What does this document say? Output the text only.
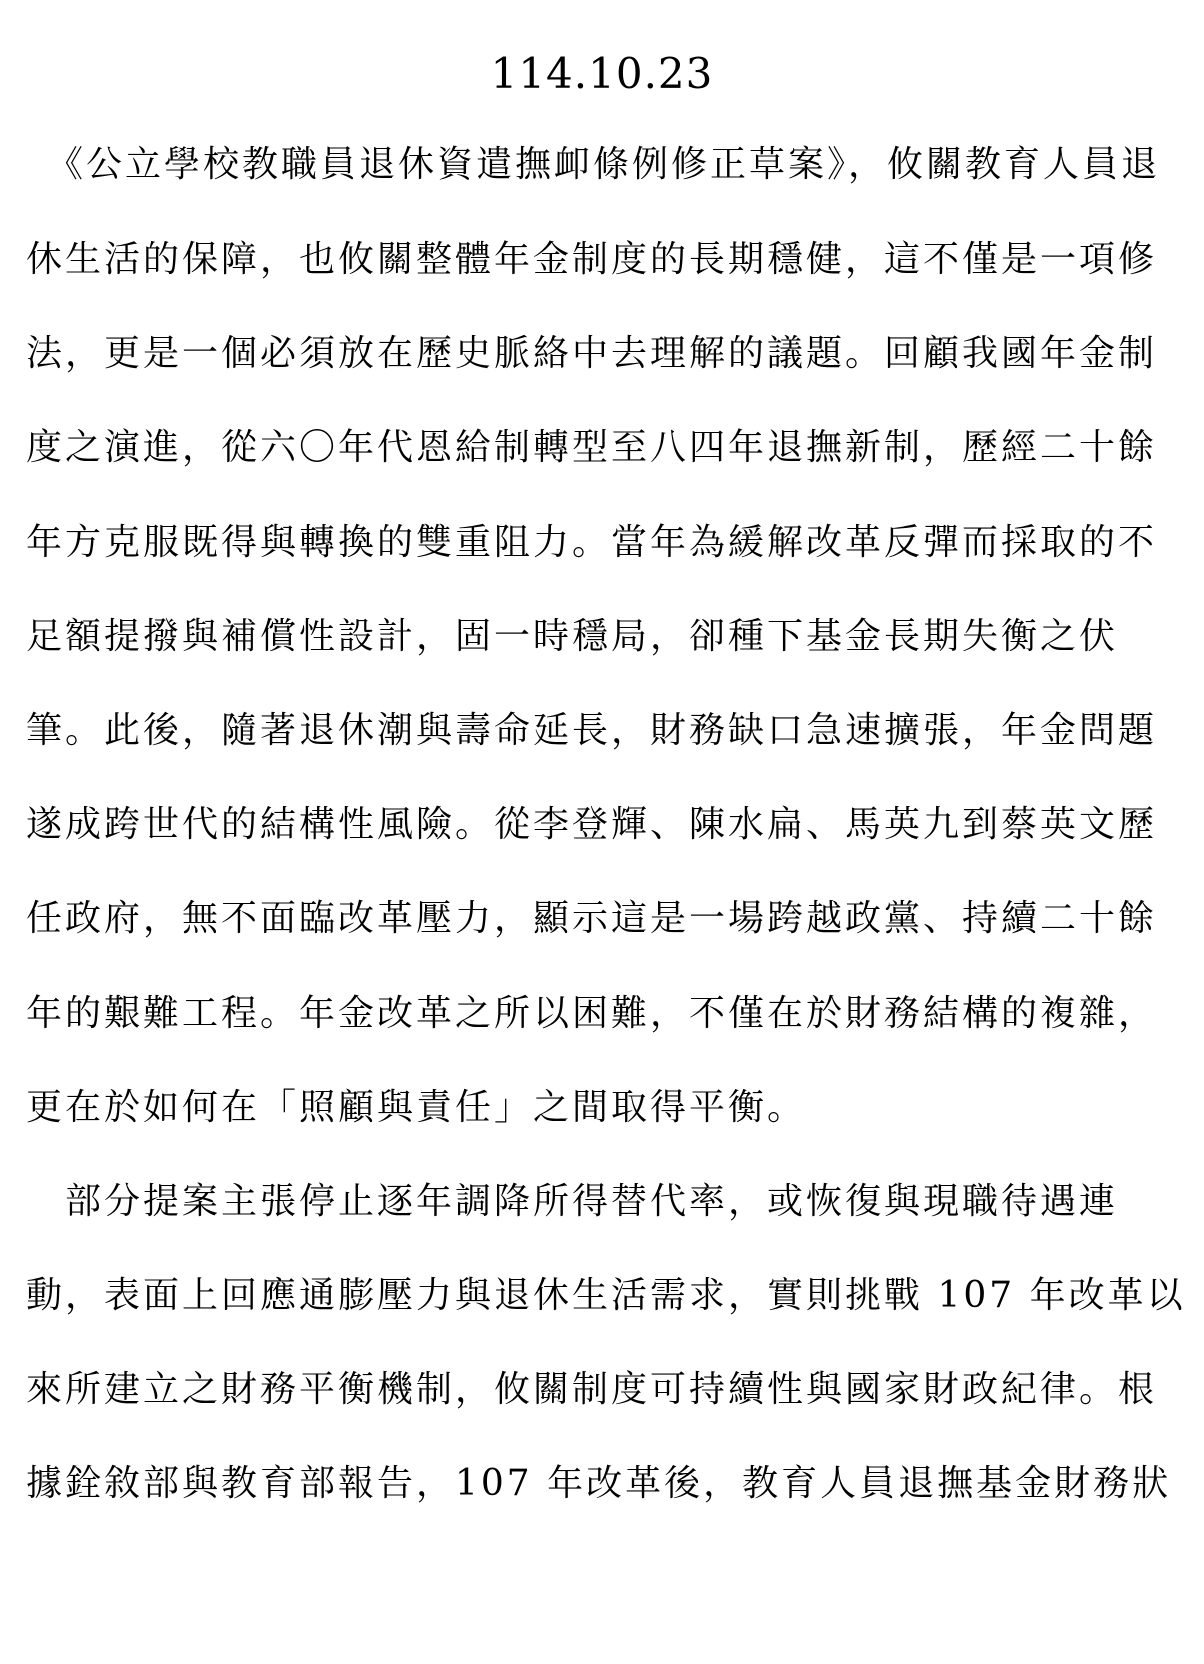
114.10.23
　《公立學校教職員退休資遣撫卹條例修正草案》，攸關教育人員退
休生活的保障，也攸關整體年金制度的長期穩健，這不僅是一項修
法，更是一個必須放在歷史脈絡中去理解的議題。回顧我國年金制
度之演進，從六〇年代恩給制轉型至八四年退撫新制，歷經二十餘
年方克服既得與轉換的雙重阻力。當年為緩解改革反彈而採取的不
足額提撥與補償性設計，固一時穩局，卻種下基金長期失衡之伏
筆。此後，隨著退休潮與壽命延長，財務缺口急速擴張，年金問題
遂成跨世代的結構性風險。從李登輝、陳水扁、馬英九到蔡英文歷
任政府，無不面臨改革壓力，顯示這是一場跨越政黨、持續二十餘
年的艱難工程。年金改革之所以困難，不僅在於財務結構的複雜，
更在於如何在「照顧與責任」之間取得平衡。
　部分提案主張停止逐年調降所得替代率，或恢復與現職待遇連
動，表面上回應通膨壓力與退休生活需求，實則挑戰 107 年改革以
來所建立之財務平衡機制，攸關制度可持續性與國家財政紀律。根
據銓敘部與教育部報告，107 年改革後，教育人員退撫基金財務狀
